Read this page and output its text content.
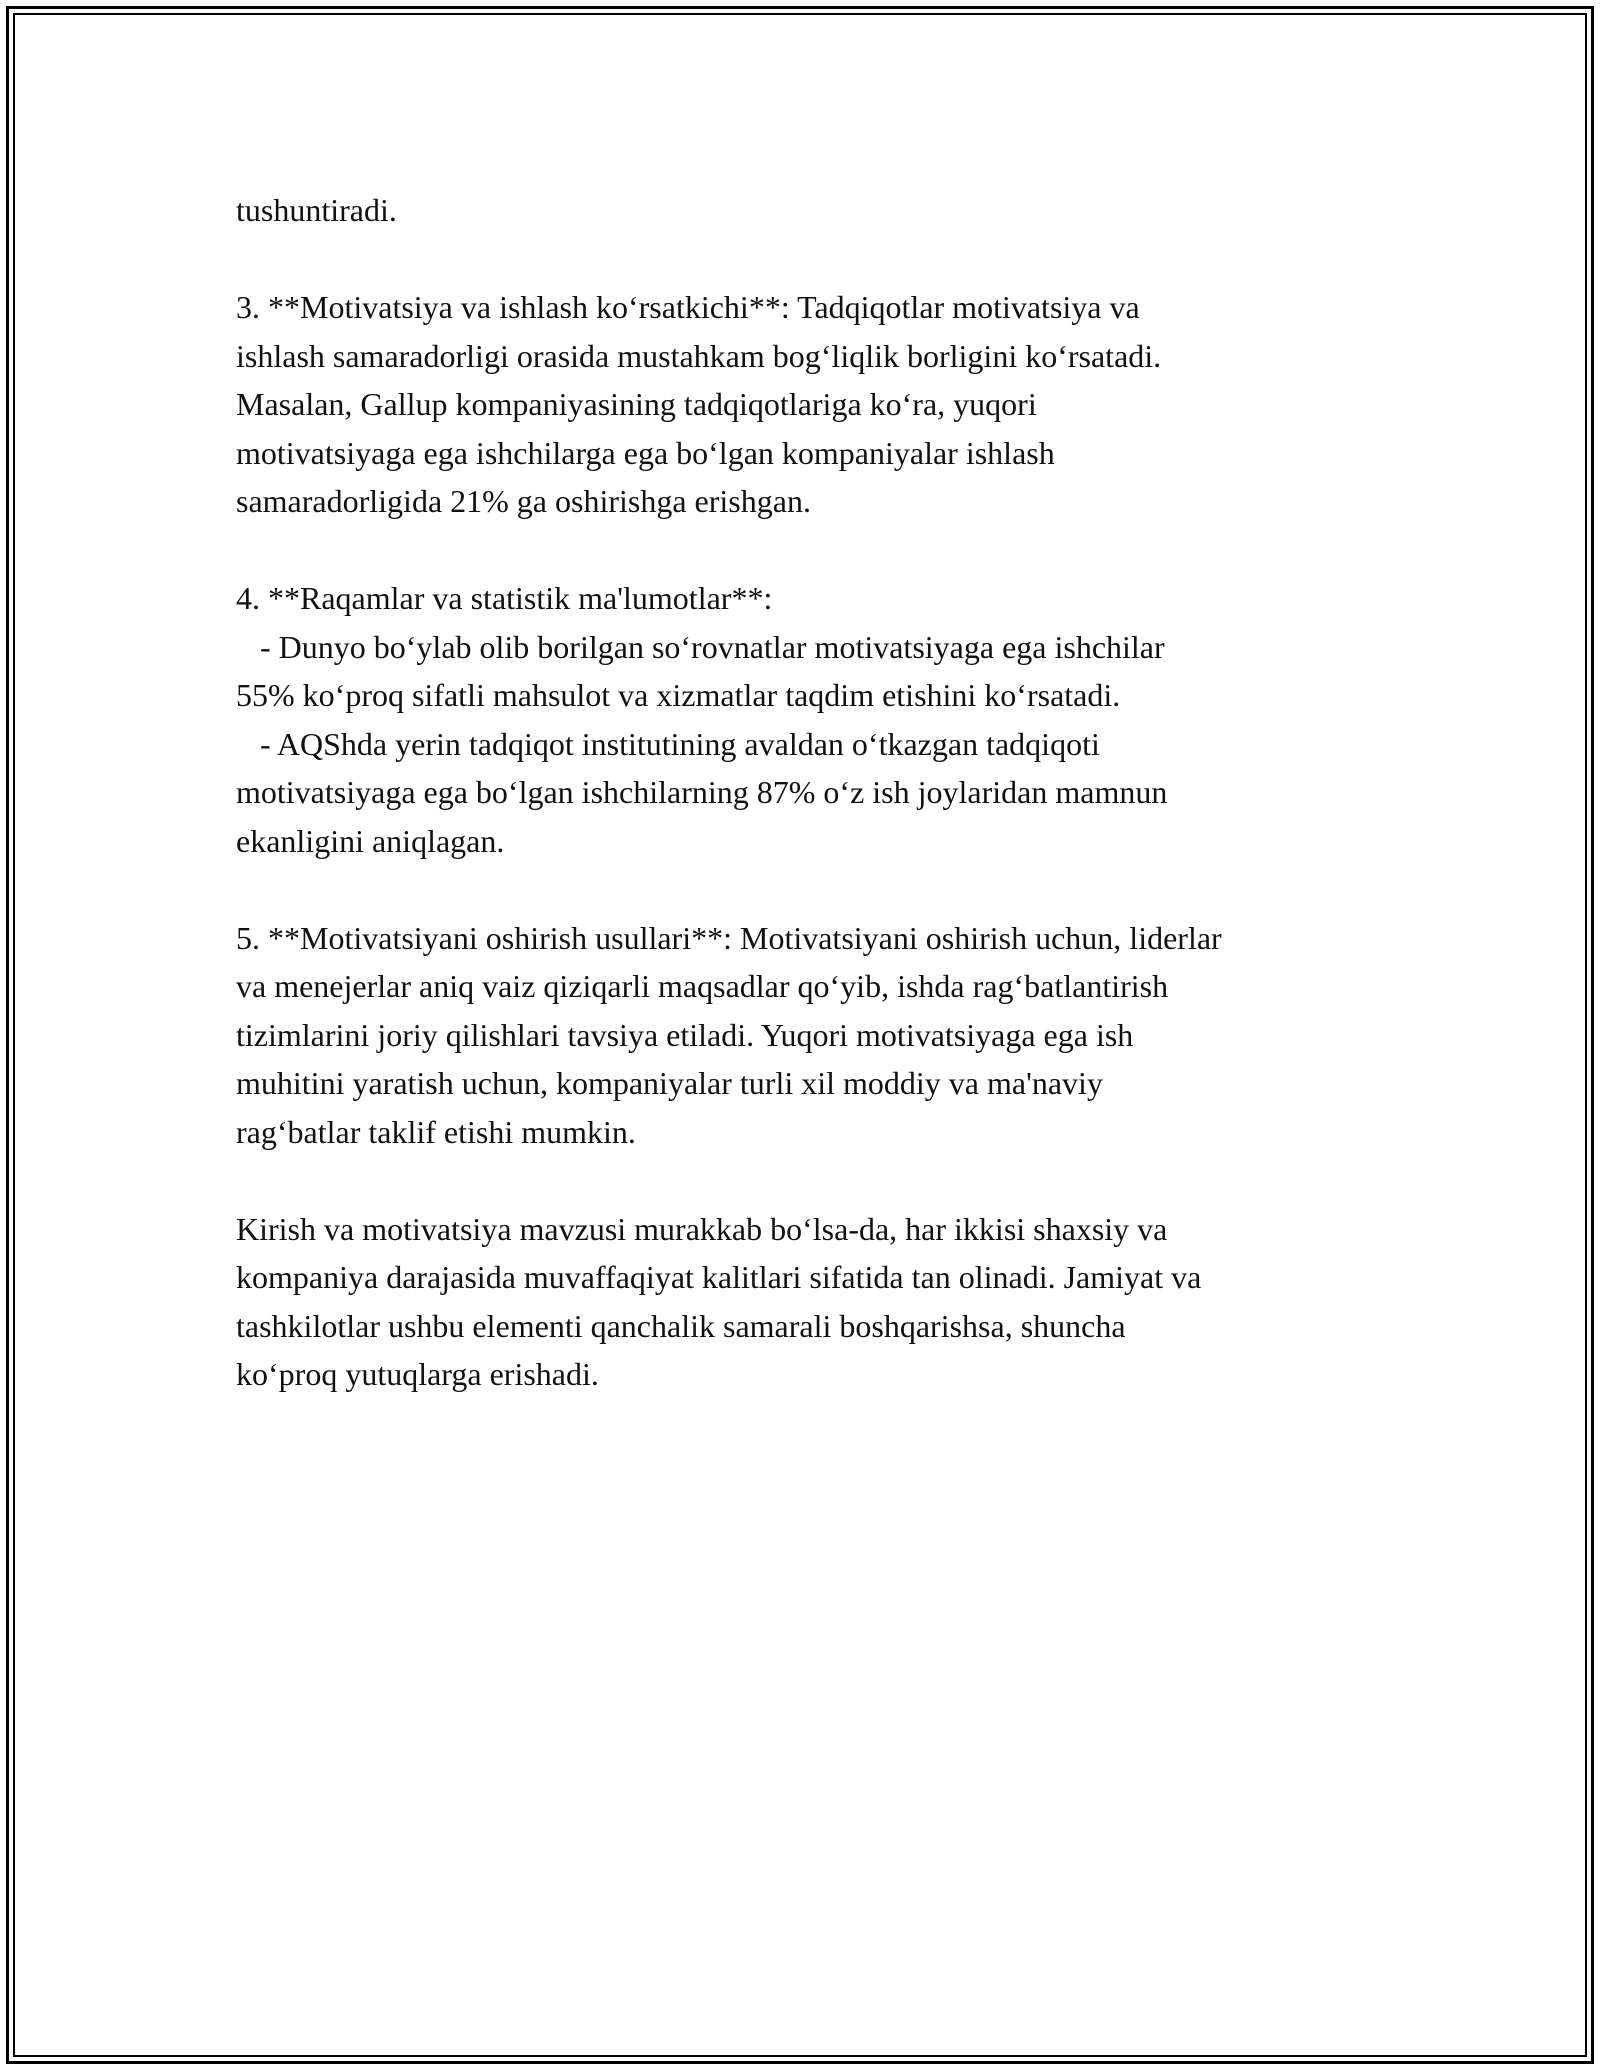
tushuntiradi.

3. **Motivatsiya va ishlash koʻrsatkichi**: Tadqiqotlar motivatsiya va
ishlash samaradorligi orasida mustahkam bogʻliqlik borligini koʻrsatadi.
Masalan, Gallup kompaniyasining tadqiqotlariga koʻra, yuqori
motivatsiyaga ega ishchilarga ega boʻlgan kompaniyalar ishlash
samaradorligida 21% ga oshirishga erishgan.

4. **Raqamlar va statistik ma'lumotlar**:
- Dunyo boʻylab olib borilgan soʻrovnatlar motivatsiyaga ega ishchilar
55% koʻproq sifatli mahsulot va xizmatlar taqdim etishini koʻrsatadi.
- AQShda yerin tadqiqot institutining avaldan oʻtkazgan tadqiqoti
motivatsiyaga ega boʻlgan ishchilarning 87% oʻz ish joylaridan mamnun
ekanligini aniqlagan.

5. **Motivatsiyani oshirish usullari**: Motivatsiyani oshirish uchun, liderlar
va menejerlar aniq vaiz qiziqarli maqsadlar qoʻyib, ishda ragʻbatlantirish
tizimlarini joriy qilishlari tavsiya etiladi. Yuqori motivatsiyaga ega ish
muhitini yaratish uchun, kompaniyalar turli xil moddiy va ma'naviy
ragʻbatlar taklif etishi mumkin.

Kirish va motivatsiya mavzusi murakkab boʻlsa-da, har ikkisi shaxsiy va
kompaniya darajasida muvaffaqiyat kalitlari sifatida tan olinadi. Jamiyat va
tashkilotlar ushbu elementi qanchalik samarali boshqarishsa, shuncha
koʻproq yutuqlarga erishadi.
